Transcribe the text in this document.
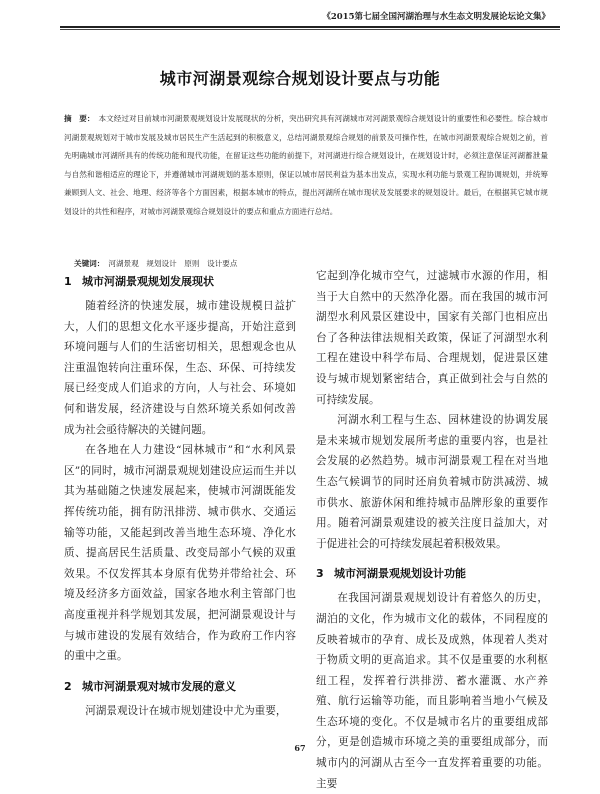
《2015第七届全国河湖治理与水生态文明发展论坛论文集》
城市河湖景观综合规划设计要点与功能
摘　要： 本文经过对目前城市河湖景观规划设计发展现状的分析，突出研究具有河湖城市对河湖景观综合规划设计的重要性和必要性。综合城市河湖景观规划对于城市发展及城市居民生产生活起到的积极意义，总结河湖景观综合规划的前景及可操作性，在城市河湖景观综合规划之前，首先明确城市河湖所具有的传统功能和现代功能，在留证这些功能的前提下，对河湖进行综合规划设计，在规划设计时，必须注意保证河湖蓄泄量与自然和谐相适应的理论下，并遵循城市河湖规划的基本原则，保证以城市居民利益为基本出发点，实现水利功能与景观工程协调规划，并统筹兼顾到人文、社会、地理、经济等各个方面因素，根据本城市的特点，提出河湖所在城市现状及发展要求的规划设计。最后，在根据其它城市规划设计的共性和程序，对城市河湖景观综合规划设计的要点和重点方面进行总结。
关键词： 河湖景观　规划设计　原则　设计要点
1 城市河湖景观规划发展现状

随着经济的快速发展，城市建设规模日益扩大，人们的思想文化水平逐步提高，开始注意到环境问题与人们的生活密切相关，思想观念也从注重温饱转向注重环保，生态、环保、可持续发展已经变成人们追求的方向，人与社会、环境如何和谐发展，经济建设与自然环境关系如何改善成为社会亟待解决的关键问题。

在各地在人力建设“园林城市”和“水利风景区”的同时，城市河湖景观规划建设应运而生并以其为基础随之快速发展起来，使城市河湖既能发挥传统功能，拥有防汛排涝、城市供水、交通运输等功能，又能起到改善当地生态环境、净化水质、提高居民生活质量、改变局部小气候的双重效果。不仅发挥其本身原有优势并带给社会、环境及经济多方面效益，国家各地水利主管部门也高度重视并科学规划其发展，把河湖景观设计与与城市建设的发展有效结合，作为政府工作内容的重中之重。

2 城市河湖景观对城市发展的意义

河湖景观设计在城市规划建设中尤为重要，

它起到净化城市空气，过滤城市水源的作用，相当于大自然中的天然净化器。而在我国的城市河湖型水利风景区建设中，国家有关部门也相应出台了各种法律法规相关政策，保证了河湖型水利工程在建设中科学布局、合理规划，促进景区建设与城市规划紧密结合，真正做到社会与自然的可持续发展。

河湖水利工程与生态、园林建设的协调发展是未来城市规划发展所考虑的重要内容，也是社会发展的必然趋势。城市河湖景观工程在对当地生态气候调节的同时还肩负着城市防洪减涝、城市供水、旅游休闲和维持城市品牌形象的重要作用。随着河湖景观建设的被关注度日益加大，对于促进社会的可持续发展起着积极效果。

3 城市河湖景观规划设计功能

在我国河湖景观规划设计有着悠久的历史，湖泊的文化，作为城市文化的载体，不同程度的反映着城市的孕育、成长及成熟，体现着人类对于物质文明的更高追求。其不仅是重要的水利枢纽工程，发挥着行洪排涝、蓄水灌溉、水产养殖、航行运输等功能，而且影响着当地小气候及生态环境的变化。不仅是城市名片的重要组成部分，更是创造城市环境之美的重要组成部分，而城市内的河湖从古至今一直发挥着重要的功能。主要

67
